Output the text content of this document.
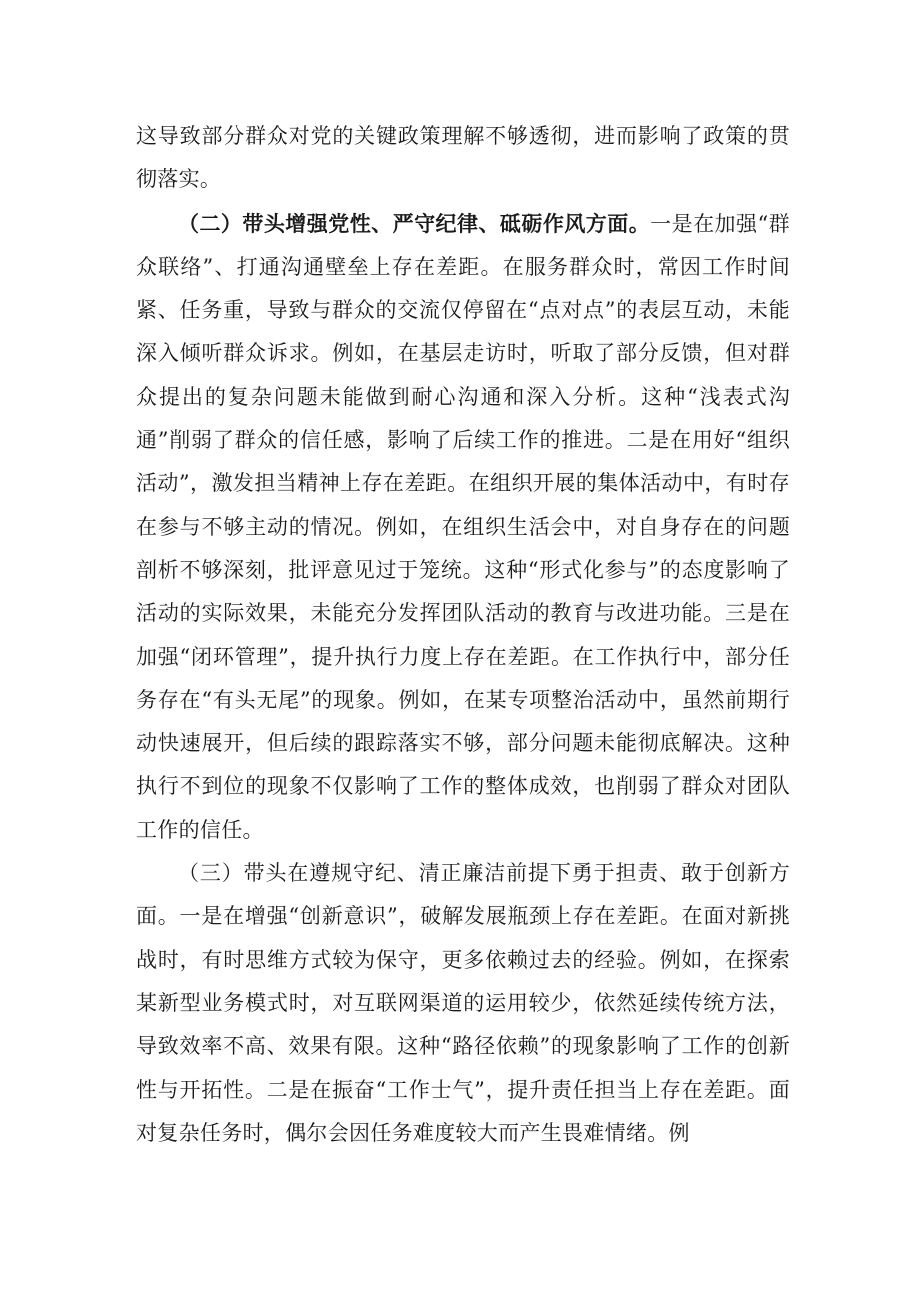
这导致部分群众对党的关键政策理解不够透彻，进而影响了政策的贯彻落实。

（二）带头增强党性、严守纪律、砥砺作风方面。一是在加强“群众联络”、打通沟通壁垒上存在差距。在服务群众时，常因工作时间紧、任务重，导致与群众的交流仅停留在“点对点”的表层互动，未能深入倾听群众诉求。例如，在基层走访时，听取了部分反馈，但对群众提出的复杂问题未能做到耐心沟通和深入分析。这种“浅表式沟通”削弱了群众的信任感，影响了后续工作的推进。二是在用好“组织活动”，激发担当精神上存在差距。在组织开展的集体活动中，有时存在参与不够主动的情况。例如，在组织生活会中，对自身存在的问题剖析不够深刻，批评意见过于笼统。这种“形式化参与”的态度影响了活动的实际效果，未能充分发挥团队活动的教育与改进功能。三是在加强“闭环管理”，提升执行力度上存在差距。在工作执行中，部分任务存在“有头无尾”的现象。例如，在某专项整治活动中，虽然前期行动快速展开，但后续的跟踪落实不够，部分问题未能彻底解决。这种执行不到位的现象不仅影响了工作的整体成效，也削弱了群众对团队工作的信任。

（三）带头在遵规守纪、清正廉洁前提下勇于担责、敢于创新方面。一是在增强“创新意识”，破解发展瓶颈上存在差距。在面对新挑战时，有时思维方式较为保守，更多依赖过去的经验。例如，在探索某新型业务模式时，对互联网渠道的运用较少，依然延续传统方法，导致效率不高、效果有限。这种“路径依赖”的现象影响了工作的创新性与开拓性。二是在振奋“工作士气”，提升责任担当上存在差距。面对复杂任务时，偶尔会因任务难度较大而产生畏难情绪。例
